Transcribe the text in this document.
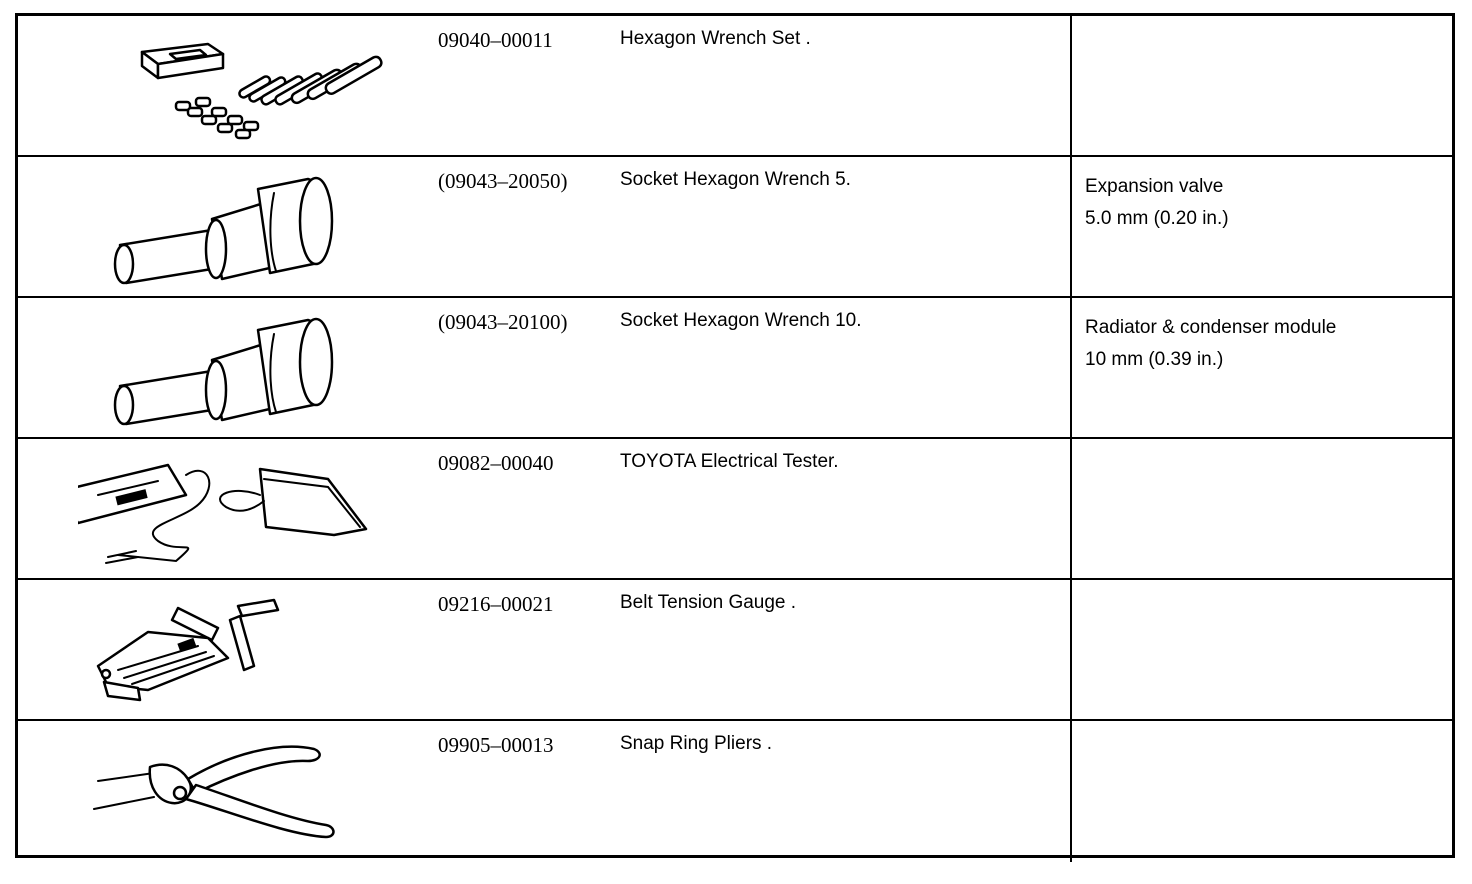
09040–00011	Hexagon Wrench Set .
(09043–20050)	Socket Hexagon Wrench 5.	Expansion valve
5.0 mm (0.20 in.)
(09043–20100)	Socket Hexagon Wrench 10.	Radiator & condenser module
10 mm (0.39 in.)
09082–00040	TOYOTA Electrical Tester.
09216–00021	Belt Tension Gauge .
09905–00013	Snap Ring Pliers .
